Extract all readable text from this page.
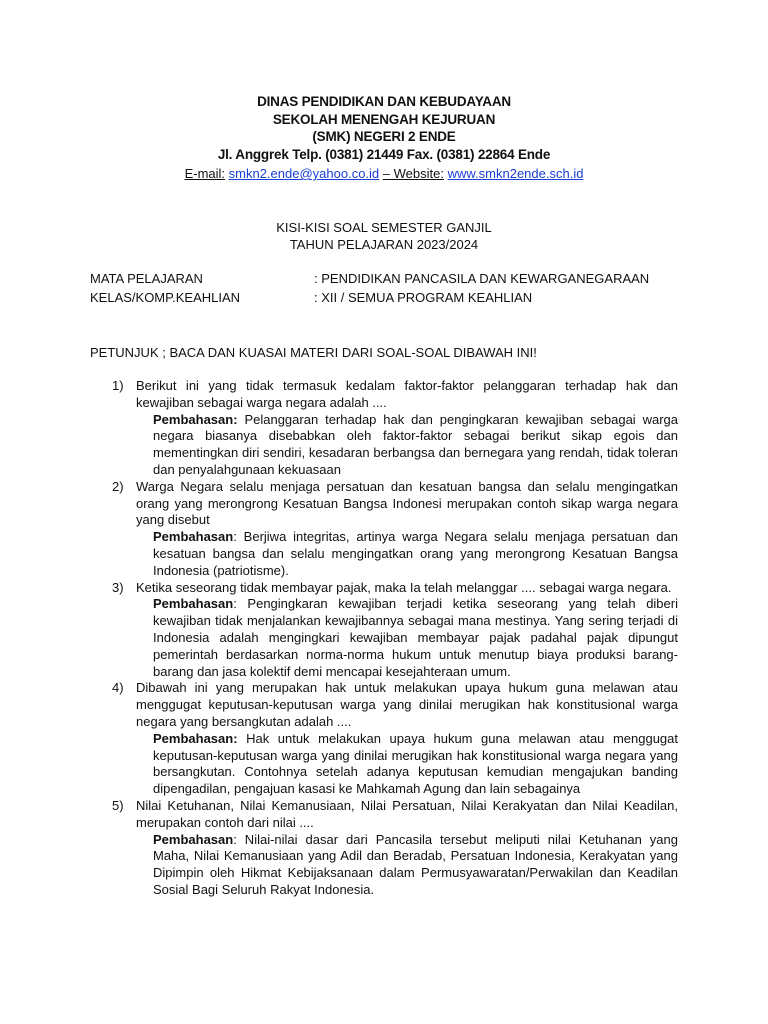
DINAS PENDIDIKAN DAN KEBUDAYAAN
SEKOLAH MENENGAH KEJURUAN
(SMK) NEGERI 2 ENDE
Jl. Anggrek Telp. (0381) 21449 Fax. (0381) 22864 Ende
E-mail: smkn2.ende@yahoo.co.id – Website: www.smkn2ende.sch.id
KISI-KISI SOAL SEMESTER GANJIL
TAHUN PELAJARAN 2023/2024
MATA PELAJARAN	: PENDIDIKAN PANCASILA DAN KEWARGANEGARAAN
KELAS/KOMP.KEAHLIAN	: XII / SEMUA PROGRAM KEAHLIAN
PETUNJUK ; BACA DAN KUASAI MATERI DARI SOAL-SOAL DIBAWAH INI!
1) Berikut ini yang tidak termasuk kedalam faktor-faktor pelanggaran terhadap hak dan kewajiban sebagai warga negara adalah ....
Pembahasan: Pelanggaran terhadap hak dan pengingkaran kewajiban sebagai warga negara biasanya disebabkan oleh faktor-faktor sebagai berikut sikap egois dan mementingkan diri sendiri, kesadaran berbangsa dan bernegara yang rendah, tidak toleran dan penyalahgunaan kekuasaan
2) Warga Negara selalu menjaga persatuan dan kesatuan bangsa dan selalu mengingatkan orang yang merongrong Kesatuan Bangsa Indonesi merupakan contoh sikap warga negara yang disebut
Pembahasan: Berjiwa integritas, artinya warga Negara selalu menjaga persatuan dan kesatuan bangsa dan selalu mengingatkan orang yang merongrong Kesatuan Bangsa Indonesia (patriotisme).
3) Ketika seseorang tidak membayar pajak, maka Ia telah melanggar .... sebagai warga negara.
Pembahasan: Pengingkaran kewajiban terjadi ketika seseorang yang telah diberi kewajiban tidak menjalankan kewajibannya sebagai mana mestinya. Yang sering terjadi di Indonesia adalah mengingkari kewajiban membayar pajak padahal pajak dipungut pemerintah berdasarkan norma-norma hukum untuk menutup biaya produksi barang-barang dan jasa kolektif demi mencapai kesejahteraan umum.
4) Dibawah ini yang merupakan hak untuk melakukan upaya hukum guna melawan atau menggugat keputusan-keputusan warga yang dinilai merugikan hak konstitusional warga negara yang bersangkutan adalah ....
Pembahasan: Hak untuk melakukan upaya hukum guna melawan atau menggugat keputusan-keputusan warga yang dinilai merugikan hak konstitusional warga negara yang bersangkutan. Contohnya setelah adanya keputusan kemudian mengajukan banding dipengadilan, pengajuan kasasi ke Mahkamah Agung dan lain sebagainya
5) Nilai Ketuhanan, Nilai Kemanusiaan, Nilai Persatuan, Nilai Kerakyatan dan Nilai Keadilan, merupakan contoh dari nilai ....
Pembahasan: Nilai-nilai dasar dari Pancasila tersebut meliputi nilai Ketuhanan yang Maha, Nilai Kemanusiaan yang Adil dan Beradab, Persatuan Indonesia, Kerakyatan yang Dipimpin oleh Hikmat Kebijaksanaan dalam Permusyawaratan/Perwakilan dan Keadilan Sosial Bagi Seluruh Rakyat Indonesia.
